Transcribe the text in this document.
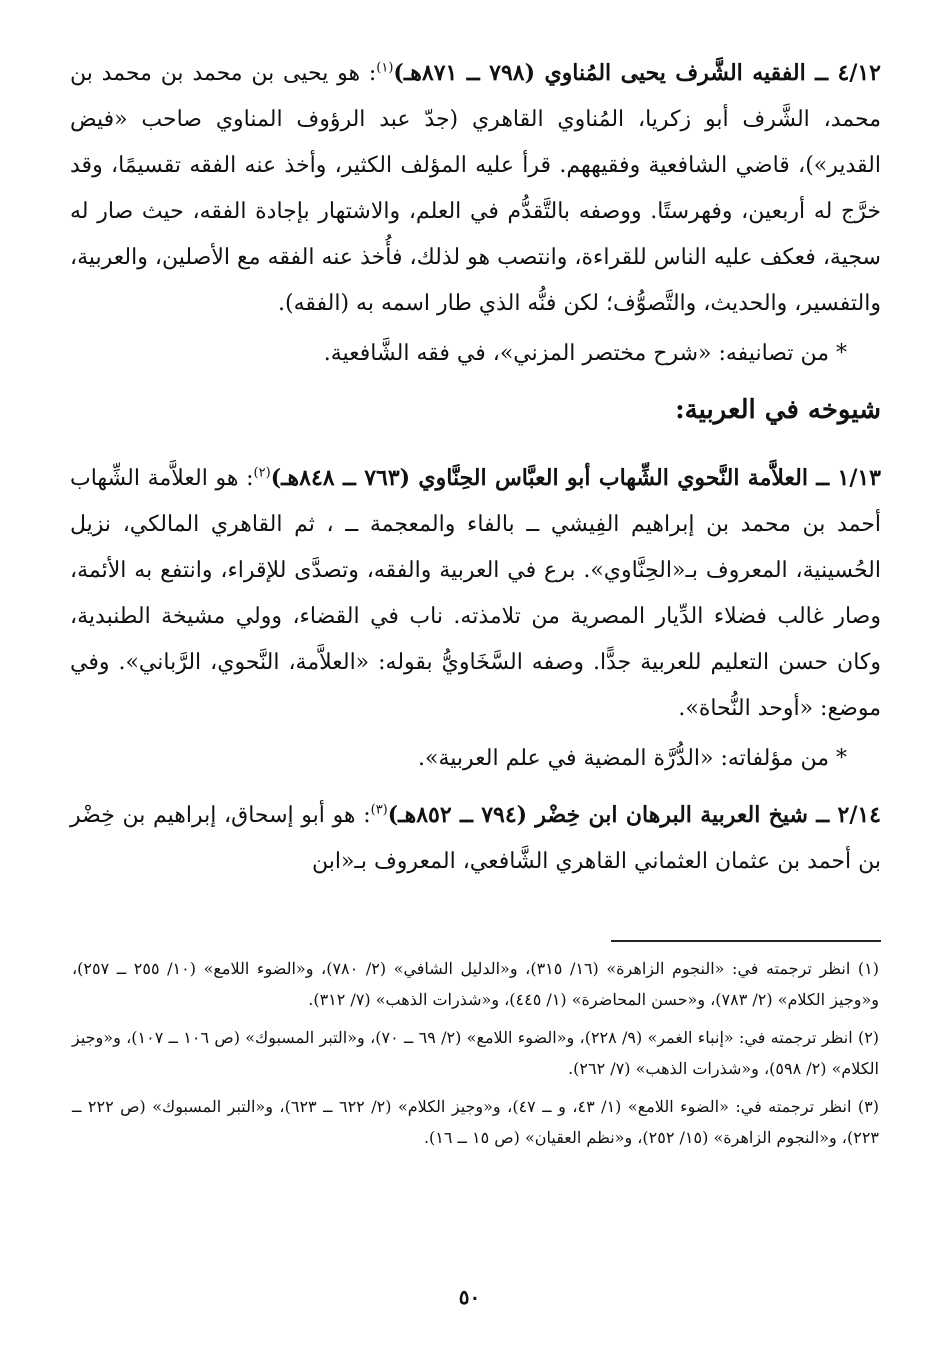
٤/١٢ ــ الفقيه الشَّرف يحيى المُناوي (٧٩٨ ــ ٨٧١هـ)$^{(١)}$: هو يحيى بن محمد بن محمد بن محمد، الشَّرف أبو زكريا، المُناوي القاهري (جدّ عبد الرؤوف المناوي صاحب «فيض القدير»)، قاضي الشافعية وفقيههم. قرأ عليه المؤلف الكثير، وأخذ عنه الفقه تقسيمًا، وقد خرَّج له أربعين، وفهرستًا. ووصفه بالتَّقدُّم في العلم، والاشتهار بإجادة الفقه، حيث صار له سجية، فعكف عليه الناس للقراءة، وانتصب هو لذلك، فأُخذ عنه الفقه مع الأصلين، والعربية، والتفسير، والحديث، والتَّصوُّف؛ لكن فنُّه الذي طار اسمه به (الفقه).

* من تصانيفه: «شرح مختصر المزني»، في فقه الشَّافعية.

شيوخه في العربية:

١/١٣ ــ العلاَّمة النَّحوي الشِّهاب أبو العبَّاس الحِنَّاوي (٧٦٣ ــ ٨٤٨هـ)$^{(٢)}$: هو العلاَّمة الشِّهاب أحمد بن محمد بن إبراهيم الفِيشي ــ بالفاء والمعجمة ــ ، ثم القاهري المالكي، نزيل الحُسينية، المعروف بـ«الحِنَّاوي». برع في العربية والفقه، وتصدَّى للإقراء، وانتفع به الأئمة، وصار غالب فضلاء الدِّيار المصرية من تلامذته. ناب في القضاء، وولي مشيخة الطنبدية، وكان حسن التعليم للعربية جدًّا. وصفه السَّخَاويُّ بقوله: «العلاَّمة، النَّحوي، الرَّباني». وفي موضع: «أوحد النُّحاة».

* من مؤلفاته: «الدُّرَّة المضية في علم العربية».

٢/١٤ ــ شيخ العربية البرهان ابن خِضْر (٧٩٤ ــ ٨٥٢هـ)$^{(٣)}$: هو أبو إسحاق، إبراهيم بن خِضْر بن أحمد بن عثمان العثماني القاهري الشَّافعي، المعروف بـ«ابن

(١) انظر ترجمته في: «النجوم الزاهرة» (١٦/ ٣١٥)، و«الدليل الشافي» (٢/ ٧٨٠)، و«الضوء اللامع» (١٠/ ٢٥٥ ــ ٢٥٧)، و«وجيز الكلام» (٢/ ٧٨٣)، و«حسن المحاضرة» (١/ ٤٤٥)، و«شذرات الذهب» (٧/ ٣١٢).

(٢) انظر ترجمته في: «إنباء الغمر» (٩/ ٢٢٨)، و«الضوء اللامع» (٢/ ٦٩ ــ ٧٠)، و«التبر المسبوك» (ص ١٠٦ ــ ١٠٧)، و«وجيز الكلام» (٢/ ٥٩٨)، و«شذرات الذهب» (٧/ ٢٦٢).

(٣) انظر ترجمته في: «الضوء اللامع» (١/ ٤٣، و ــ ٤٧)، و«وجيز الكلام» (٢/ ٦٢٢ ــ ٦٢٣)، و«التبر المسبوك» (ص ٢٢٢ ــ ٢٢٣)، و«النجوم الزاهرة» (١٥/ ٢٥٢)، و«نظم العقيان» (ص ١٥ ــ ١٦).

٥٠
